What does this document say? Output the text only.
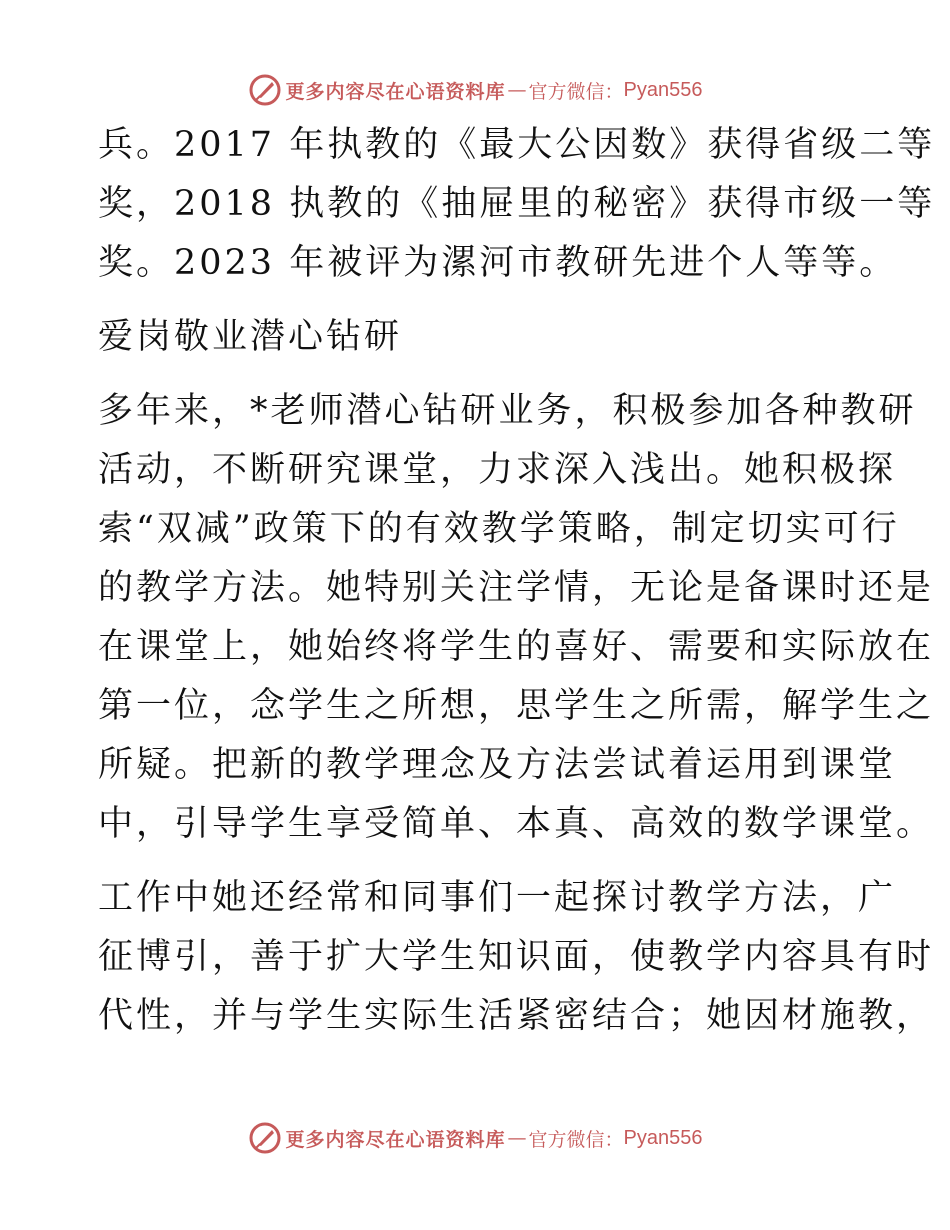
更多内容尽在心语资料库 — 官方微信： Pyan556
兵。2017 年执教的《最大公因数》获得省级二等
奖，2018 执教的《抽屉里的秘密》获得市级一等
奖。2023 年被评为漯河市教研先进个人等等。
爱岗敬业潜心钻研
多年来，*老师潜心钻研业务，积极参加各种教研
活动，不断研究课堂，力求深入浅出。她积极探
索“双减”政策下的有效教学策略，制定切实可行
的教学方法。她特别关注学情，无论是备课时还是
在课堂上，她始终将学生的喜好、需要和实际放在
第一位，念学生之所想，思学生之所需，解学生之
所疑。把新的教学理念及方法尝试着运用到课堂
中，引导学生享受简单、本真、高效的数学课堂。
工作中她还经常和同事们一起探讨教学方法，广
征博引，善于扩大学生知识面，使教学内容具有时
代性，并与学生实际生活紧密结合；她因材施教，
更多内容尽在心语资料库 — 官方微信： Pyan556
